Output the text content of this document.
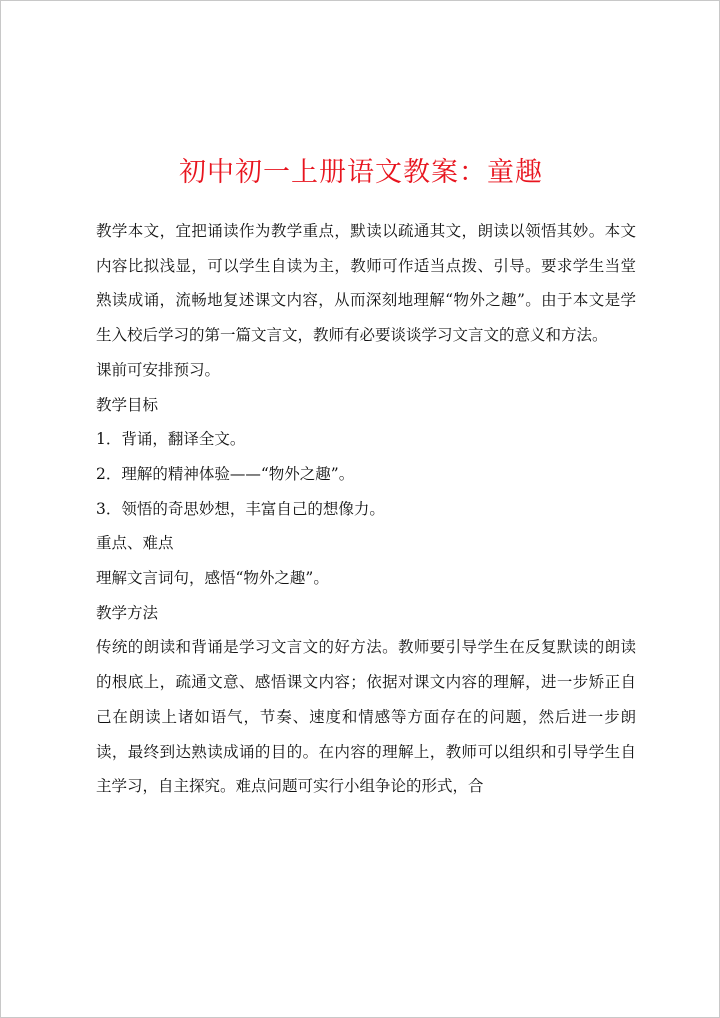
初中初一上册语文教案：童趣

教学本文，宜把诵读作为教学重点，默读以疏通其文，朗读以领悟其妙。本文内容比拟浅显，可以学生自读为主，教师可作适当点拨、引导。要求学生当堂熟读成诵，流畅地复述课文内容，从而深刻地理解“物外之趣”。由于本文是学生入校后学习的第一篇文言文，教师有必要谈谈学习文言文的意义和方法。

课前可安排预习。

教学目标

1．背诵，翻译全文。

2．理解的精神体验——“物外之趣”。

3．领悟的奇思妙想，丰富自己的想像力。

重点、难点

理解文言词句，感悟“物外之趣”。

教学方法

传统的朗读和背诵是学习文言文的好方法。教师要引导学生在反复默读的朗读的根底上，疏通文意、感悟课文内容；依据对课文内容的理解，进一步矫正自己在朗读上诸如语气，节奏、速度和情感等方面存在的问题，然后进一步朗读，最终到达熟读成诵的目的。在内容的理解上，教师可以组织和引导学生自主学习，自主探究。难点问题可实行小组争论的形式，合
